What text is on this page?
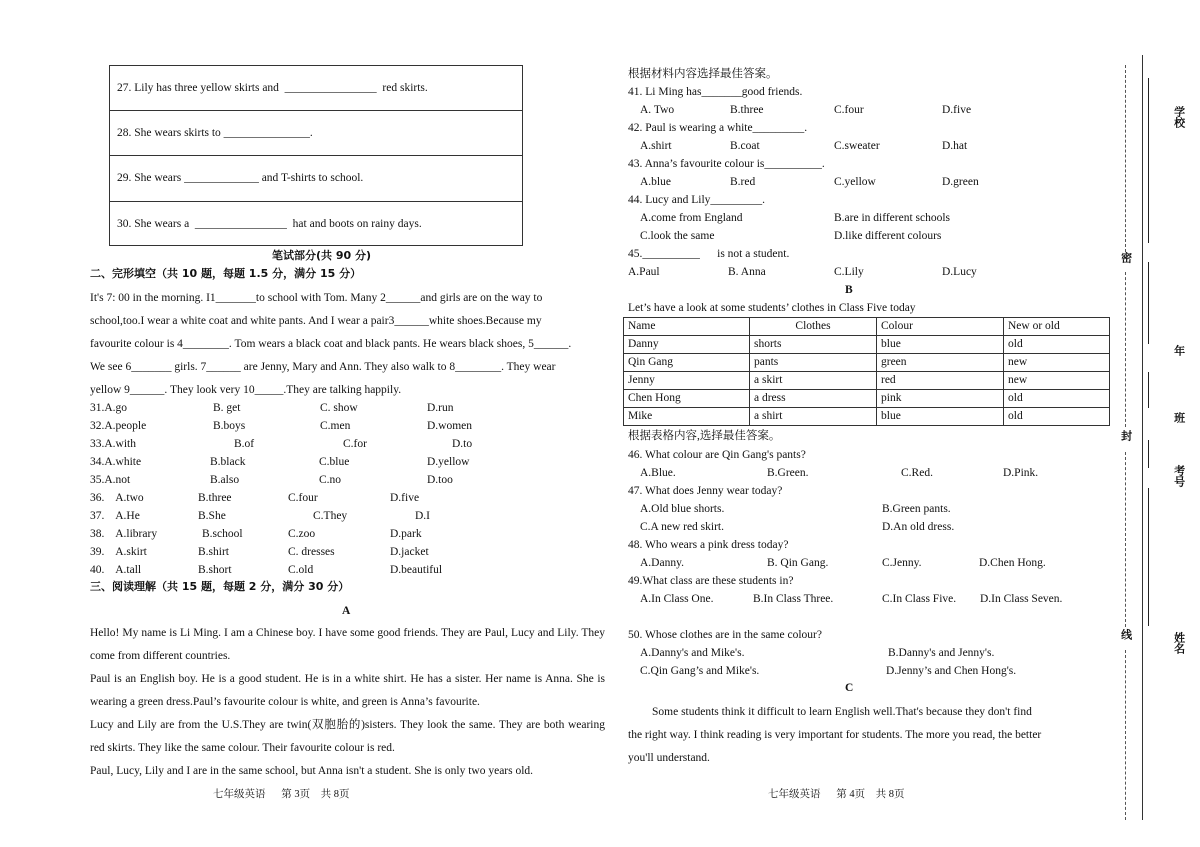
27. Lily has three yellow skirts and  ________________  red skirts.
28. She wears skirts to _______________.
29. She wears _____________ and T-shirts to school.
30. She wears a  ________________  hat and boots on rainy days.
笔试部分(共 90 分)
二、完形填空（共 10 题，每题 1.5 分，满分 15 分）
It's 7: 00 in the morning. I1_______to school with Tom. Many 2______and girls are on the way to
school,too.I wear a white coat and white pants. And I wear a pair3______white shoes.Because my
favourite colour is 4________. Tom wears a black coat and black pants. He wears black shoes, 5______.
We see 6_______ girls. 7______ are Jenny, Mary and Ann. They also walk to 8________. They wear
yellow 9______. They look very 10_____.They are talking happily.
31.A.go	B. get	C. show	D.run
32.A.people	B.boys	C.men	D.women
33.A.with	B.of	C.for	D.to
34.A.white	B.black	C.blue	D.yellow
35.A.not	B.also	C.no	D.too
36.    A.two	B.three	C.four	D.five
37.    A.He	B.She	C.They	D.I
38.    A.library	B.school	C.zoo	D.park
39.    A.skirt	B.shirt	C. dresses	D.jacket
40.    A.tall	B.short	C.old	D.beautiful
三、阅读理解（共 15 题，每题 2 分，满分 30 分）
A
Hello! My name is Li Ming. I am a Chinese boy. I have some good friends. They are Paul, Lucy and Lily. They come from different countries.
Paul is an English boy. He is a good student. He is in a white shirt. He has a sister. Her name is Anna. She is wearing a green dress.Paul’s favourite colour is white, and green is Anna’s favourite.
Lucy and Lily are from the U.S.They are twin(双胞胎的)sisters. They look the same. They are both wearing red skirts. They like the same colour. Their favourite colour is red.
Paul, Lucy, Lily and I are in the same school, but Anna isn't a student. She is only two years old.
七年级英语      第 3页    共 8页
根据材料内容选择最佳答案。
41. Li Ming has_______good friends.
A. Two	B.three	C.four	D.five
42. Paul is wearing a white_________.
A.shirt	B.coat	C.sweater	D.hat
43. Anna’s favourite colour is__________.
A.blue	B.red	C.yellow	D.green
44. Lucy and Lily_________.
A.come from England	B.are in different schools
C.look the same	D.like different colours
45.__________      is not a student.
A.Paul	B. Anna	C.Lily	D.Lucy
B
Let’s have a look at some students’ clothes in Class Five today
Name	Clothes	Colour	New or old
Danny	shorts	blue	old
Qin Gang	pants	green	new
Jenny	a skirt	red	new
Chen Hong	a dress	pink	old
Mike	a shirt	blue	old
根据表格内容,选择最佳答案。
46. What colour are Qin Gang's pants?
A.Blue.	B.Green.	C.Red.	D.Pink.
47. What does Jenny wear today?
A.Old blue shorts.	B.Green pants.
C.A new red skirt.	D.An old dress.
48. Who wears a pink dress today?
A.Danny.	B. Qin Gang.	C.Jenny.	D.Chen Hong.
49.What class are these students in?
A.In Class One.	B.In Class Three.	C.In Class Five. D.In Class Seven.
50. Whose clothes are in the same colour?
A.Danny's and Mike's.	B.Danny's and Jenny's.
C.Qin Gang’s and Mike's.	D.Jenny’s and Chen Hong's.
C
Some students think it difficult to learn English well.That's because they don't find
the right way. I think reading is very important for students. The more you read, the better
you'll understand.
七年级英语      第 4页    共 8页
密
封
线
学校
年
班
考号
姓名
